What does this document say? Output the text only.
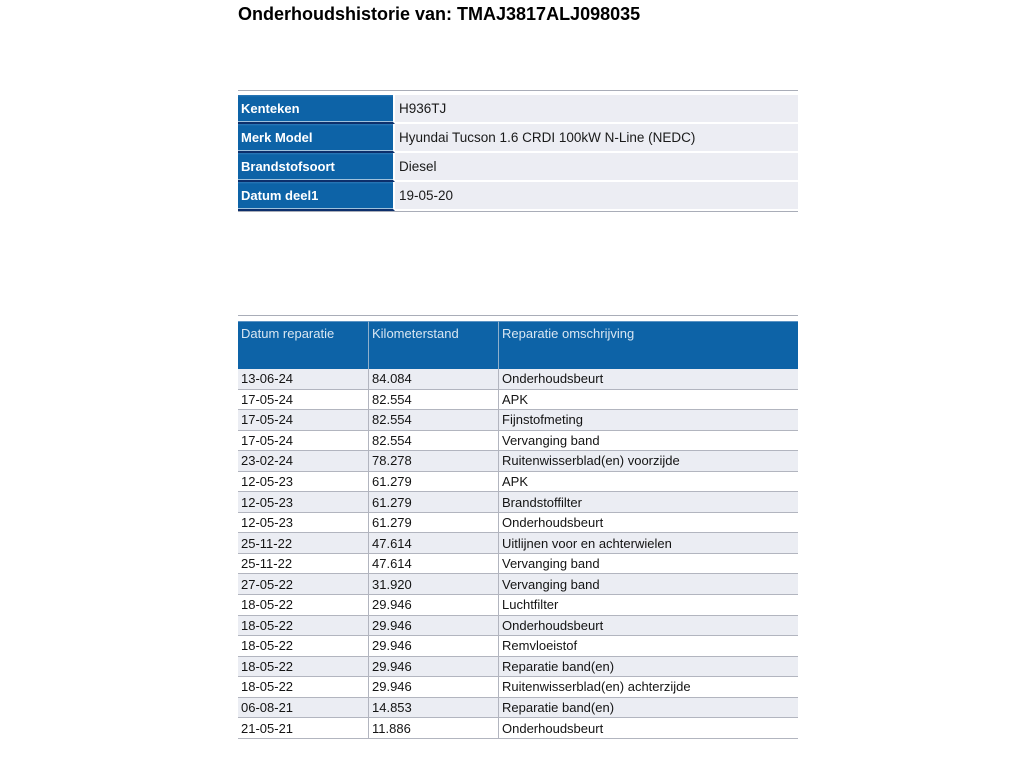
Onderhoudshistorie van: TMAJ3817ALJ098035
Kenteken	H936TJ
Merk Model	Hyundai Tucson 1.6 CRDI 100kW N-Line (NEDC)
Brandstofsoort	Diesel
Datum deel1	19-05-20
Datum reparatie	Kilometerstand	Reparatie omschrijving
13-06-24	84.084	Onderhoudsbeurt
17-05-24	82.554	APK
17-05-24	82.554	Fijnstofmeting
17-05-24	82.554	Vervanging band
23-02-24	78.278	Ruitenwisserblad(en) voorzijde
12-05-23	61.279	APK
12-05-23	61.279	Brandstoffilter
12-05-23	61.279	Onderhoudsbeurt
25-11-22	47.614	Uitlijnen voor en achterwielen
25-11-22	47.614	Vervanging band
27-05-22	31.920	Vervanging band
18-05-22	29.946	Luchtfilter
18-05-22	29.946	Onderhoudsbeurt
18-05-22	29.946	Remvloeistof
18-05-22	29.946	Reparatie band(en)
18-05-22	29.946	Ruitenwisserblad(en) achterzijde
06-08-21	14.853	Reparatie band(en)
21-05-21	11.886	Onderhoudsbeurt
